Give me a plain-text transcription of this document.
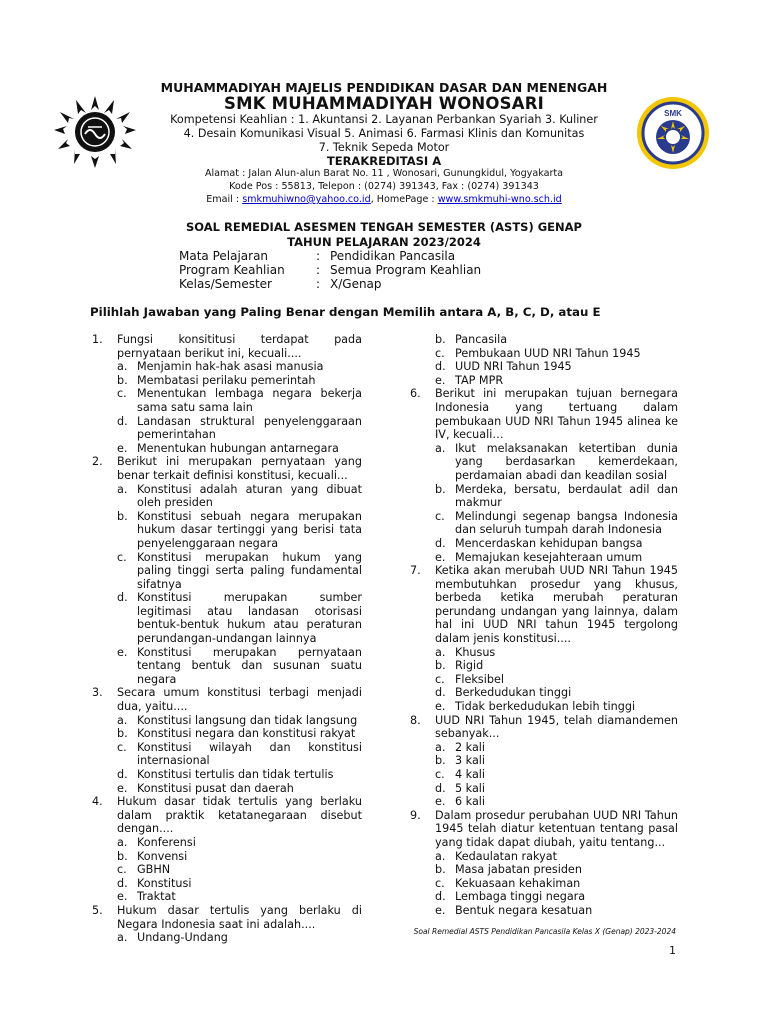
SMK
MUHAMMADIYAH MAJELIS PENDIDIKAN DASAR DAN MENENGAH
SMK MUHAMMADIYAH WONOSARI
Kompetensi Keahlian : 1. Akuntansi 2. Layanan Perbankan Syariah 3. Kuliner
4. Desain Komunikasi Visual 5. Animasi 6. Farmasi Klinis dan Komunitas
7. Teknik Sepeda Motor
TERAKREDITASI A
Alamat : Jalan Alun-alun Barat No. 11 , Wonosari, Gunungkidul, Yogyakarta
Kode Pos : 55813, Telepon : (0274) 391343, Fax : (0274) 391343
Email : smkmuhiwno@yahoo.co.id, HomePage : www.smkmuhi-wno.sch.id
SOAL REMEDIAL ASESMEN TENGAH SEMESTER (ASTS) GENAP
TAHUN PELAJARAN 2023/2024
Mata Pelajaran	: Pendidikan Pancasila
Program Keahlian	: Semua Program Keahlian
Kelas/Semester	: X/Genap
Pilihlah Jawaban yang Paling Benar dengan Memilih antara A, B, C, D, atau E
1.	Fungsi konsititusi terdapat pada pernyataan berikut ini, kecuali....
a. Menjamin hak-hak asasi manusia
b. Membatasi perilaku pemerintah
c. Menentukan lembaga negara bekerja sama satu sama lain
d. Landasan struktural penyelenggaraan pemerintahan
e. Menentukan hubungan antarnegara
2.	Berikut ini merupakan pernyataan yang benar terkait definisi konstitusi, kecuali...
a. Konstitusi adalah aturan yang dibuat oleh presiden
b. Konstitusi sebuah negara merupakan hukum dasar tertinggi yang berisi tata penyelenggaraan negara
c. Konstitusi merupakan hukum yang paling tinggi serta paling fundamental sifatnya
d. Konstitusi merupakan sumber legitimasi atau landasan otorisasi bentuk-bentuk hukum atau peraturan perundangan-undangan lainnya
e. Konstitusi merupakan pernyataan tentang bentuk dan susunan suatu negara
3.	Secara umum konstitusi terbagi menjadi dua, yaitu....
a. Konstitusi langsung dan tidak langsung
b. Konstitusi negara dan konstitusi rakyat
c. Konstitusi wilayah dan konstitusi internasional
d. Konstitusi tertulis dan tidak tertulis
e. Konstitusi pusat dan daerah
4.	Hukum dasar tidak tertulis yang berlaku dalam praktik ketatanegaraan disebut dengan....
a. Konferensi
b. Konvensi
c. GBHN
d. Konstitusi
e. Traktat
5.	Hukum dasar tertulis yang berlaku di Negara Indonesia saat ini adalah....
a. Undang-Undang
b. Pancasila
c. Pembukaan UUD NRI Tahun 1945
d. UUD NRI Tahun 1945
e. TAP MPR
6.	Berikut ini merupakan tujuan bernegara Indonesia yang tertuang dalam pembukaan UUD NRI Tahun 1945 alinea ke IV, kecuali…
a. Ikut melaksanakan ketertiban dunia yang berdasarkan kemerdekaan, perdamaian abadi dan keadilan sosial
b. Merdeka, bersatu, berdaulat adil dan makmur
c. Melindungi segenap bangsa Indonesia dan seluruh tumpah darah Indonesia
d. Mencerdaskan kehidupan bangsa
e. Memajukan kesejahteraan umum
7.	Ketika akan merubah UUD NRI Tahun 1945 membutuhkan prosedur yang khusus, berbeda ketika merubah peraturan perundang undangan yang lainnya, dalam hal ini UUD NRI tahun 1945 tergolong dalam jenis konstitusi....
a. Khusus
b. Rigid
c. Fleksibel
d. Berkedudukan tinggi
e. Tidak berkedudukan lebih tinggi
8.	UUD NRI Tahun 1945, telah diamandemen sebanyak...
a. 2 kali
b. 3 kali
c. 4 kali
d. 5 kali
e. 6 kali
9.	Dalam prosedur perubahan UUD NRI Tahun 1945 telah diatur ketentuan tentang pasal yang tidak dapat diubah, yaitu tentang...
a. Kedaulatan rakyat
b. Masa jabatan presiden
c. Kekuasaan kehakiman
d. Lembaga tinggi negara
e. Bentuk negara kesatuan
Soal Remedial ASTS Pendidikan Pancasila Kelas X (Genap) 2023-2024
1
